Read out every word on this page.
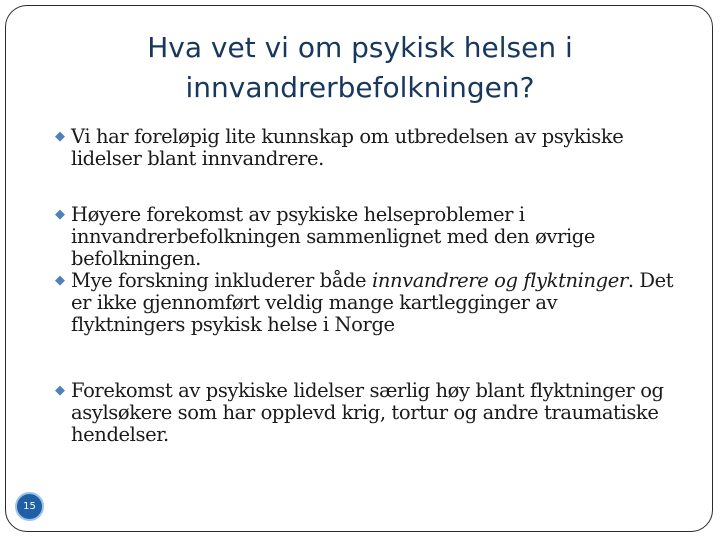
Hva vet vi om psykisk helsen i
innvandrerbefolkningen?

◆ Vi har foreløpig lite kunnskap om utbredelsen av psykiske lidelser blant innvandrere.

◆ Høyere forekomst av psykiske helseproblemer i innvandrerbefolkningen sammenlignet med den øvrige befolkningen.

◆ Mye forskning inkluderer både innvandrere og flyktninger. Det er ikke gjennomført veldig mange kartlegginger av flyktningers psykisk helse i Norge

◆ Forekomst av psykiske lidelser særlig høy blant flyktninger og asylsøkere som har opplevd krig, tortur og andre traumatiske hendelser.

15
